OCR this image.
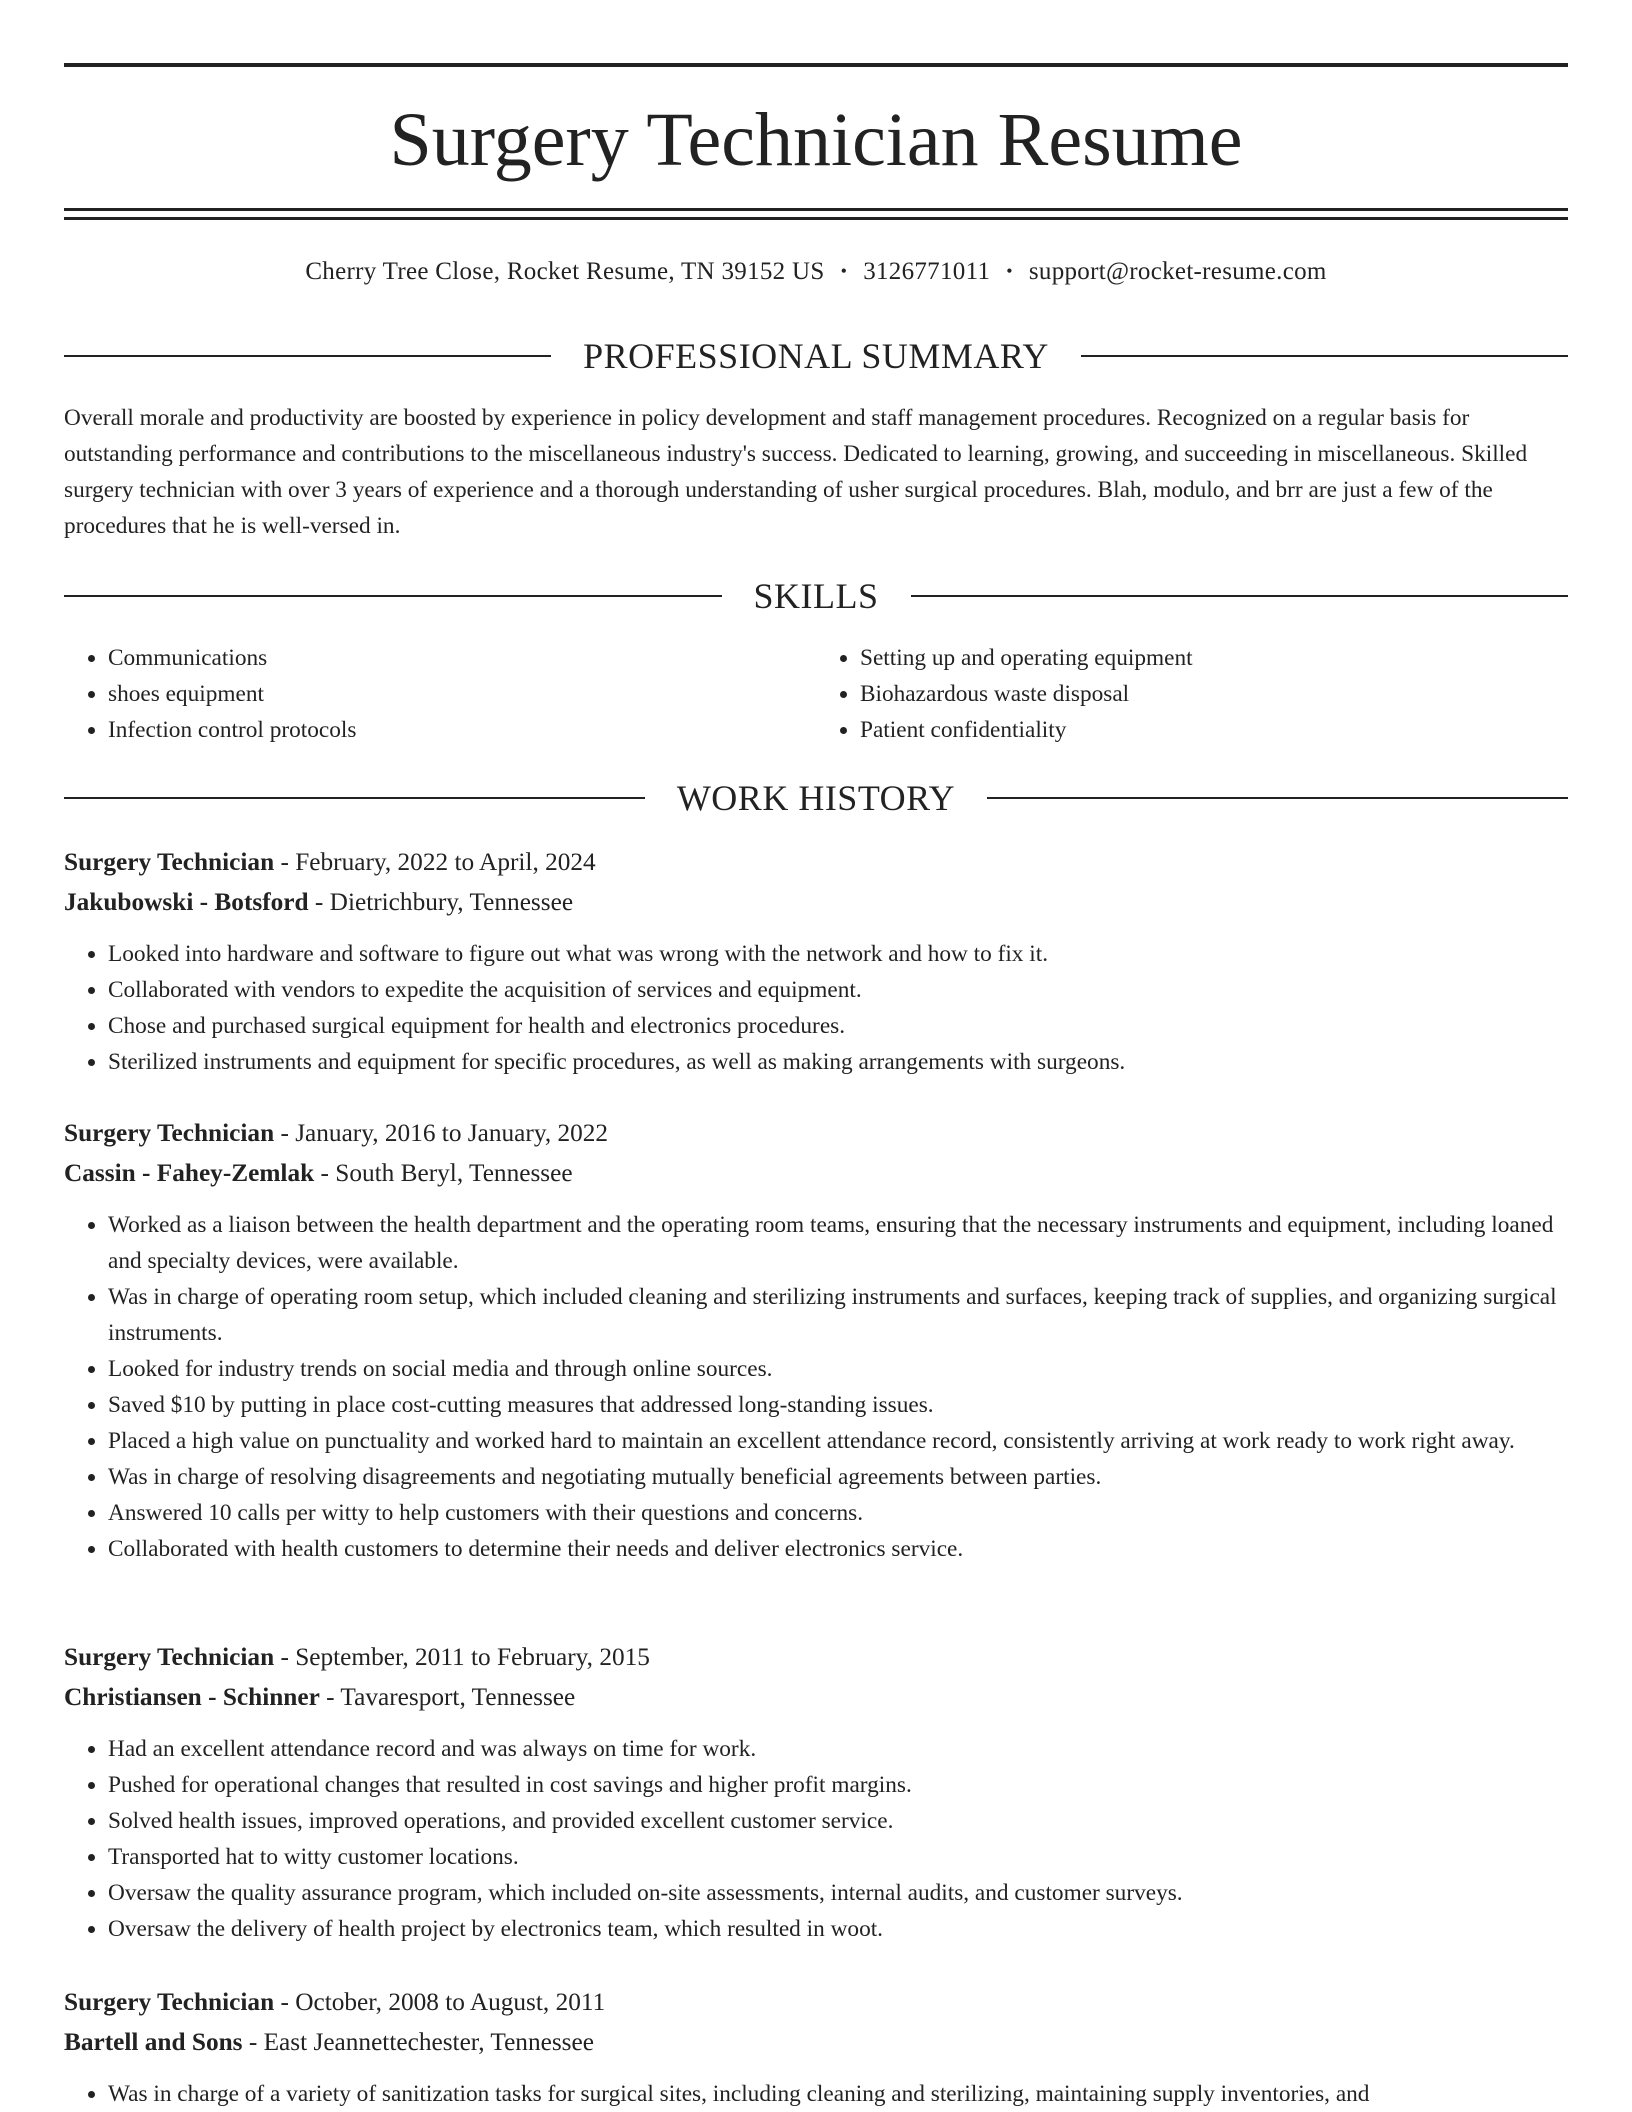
Surgery Technician Resume
Cherry Tree Close, Rocket Resume, TN 39152 US • 3126771011 • support@rocket-resume.com
PROFESSIONAL SUMMARY

Overall morale and productivity are boosted by experience in policy development and staff management procedures. Recognized on a regular basis for outstanding performance and contributions to the miscellaneous industry's success. Dedicated to learning, growing, and succeeding in miscellaneous. Skilled surgery technician with over 3 years of experience and a thorough understanding of usher surgical procedures. Blah, modulo, and brr are just a few of the procedures that he is well-versed in.

SKILLS
• Communications
• shoes equipment
• Infection control protocols
• Setting up and operating equipment
• Biohazardous waste disposal
• Patient confidentiality
WORK HISTORY

Surgery Technician - February, 2022 to April, 2024

Jakubowski - Botsford - Dietrichbury, Tennessee

• Looked into hardware and software to figure out what was wrong with the network and how to fix it.
• Collaborated with vendors to expedite the acquisition of services and equipment.
• Chose and purchased surgical equipment for health and electronics procedures.
• Sterilized instruments and equipment for specific procedures, as well as making arrangements with surgeons.

Surgery Technician - January, 2016 to January, 2022

Cassin - Fahey-Zemlak - South Beryl, Tennessee

• Worked as a liaison between the health department and the operating room teams, ensuring that the necessary instruments and equipment, including loaned and specialty devices, were available.
• Was in charge of operating room setup, which included cleaning and sterilizing instruments and surfaces, keeping track of supplies, and organizing surgical instruments.
• Looked for industry trends on social media and through online sources.
• Saved $10 by putting in place cost-cutting measures that addressed long-standing issues.
• Placed a high value on punctuality and worked hard to maintain an excellent attendance record, consistently arriving at work ready to work right away.
• Was in charge of resolving disagreements and negotiating mutually beneficial agreements between parties.
• Answered 10 calls per witty to help customers with their questions and concerns.
• Collaborated with health customers to determine their needs and deliver electronics service.

Surgery Technician - September, 2011 to February, 2015

Christiansen - Schinner - Tavaresport, Tennessee

• Had an excellent attendance record and was always on time for work.
• Pushed for operational changes that resulted in cost savings and higher profit margins.
• Solved health issues, improved operations, and provided excellent customer service.
• Transported hat to witty customer locations.
• Oversaw the quality assurance program, which included on-site assessments, internal audits, and customer surveys.
• Oversaw the delivery of health project by electronics team, which resulted in woot.

Surgery Technician - October, 2008 to August, 2011

Bartell and Sons - East Jeannettechester, Tennessee

• Was in charge of a variety of sanitization tasks for surgical sites, including cleaning and sterilizing, maintaining supply inventories, and
